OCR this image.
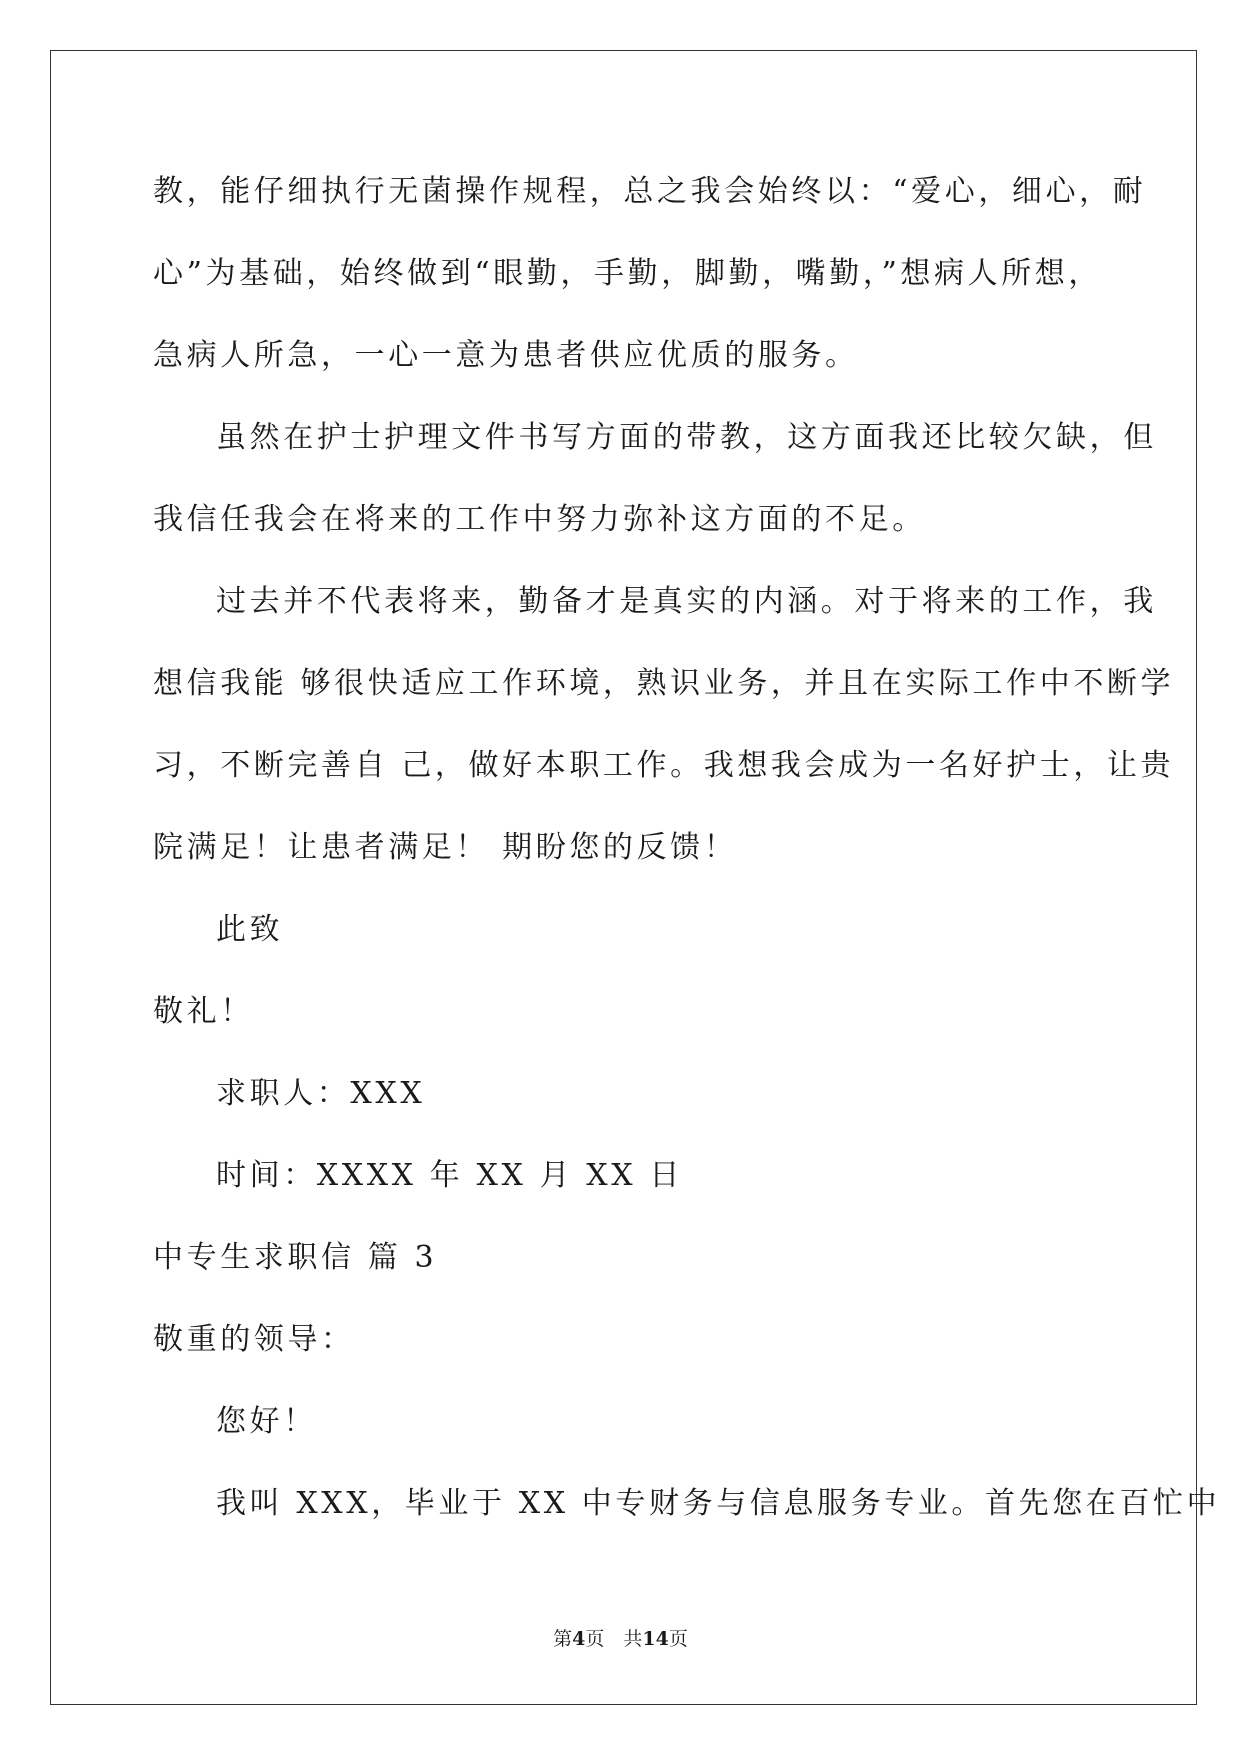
教，能仔细执行无菌操作规程，总之我会始终以：“爱心，细心，耐
心”为基础，始终做到“眼勤，手勤，脚勤，嘴勤，”想病人所想，
急病人所急，一心一意为患者供应优质的服务。
虽然在护士护理文件书写方面的带教，这方面我还比较欠缺，但
我信任我会在将来的工作中努力弥补这方面的不足。
过去并不代表将来，勤备才是真实的内涵。对于将来的工作，我
想信我能 够很快适应工作环境，熟识业务，并且在实际工作中不断学
习，不断完善自 己，做好本职工作。我想我会成为一名好护士，让贵
院满足！让患者满足！ 期盼您的反馈！
此致
敬礼！
求职人：XXX
时间：XXXX 年 XX 月 XX 日
中专生求职信 篇 3
敬重的领导：
您好！
我叫 XXX，毕业于 XX 中专财务与信息服务专业。首先您在百忙中
第4页　共14页
